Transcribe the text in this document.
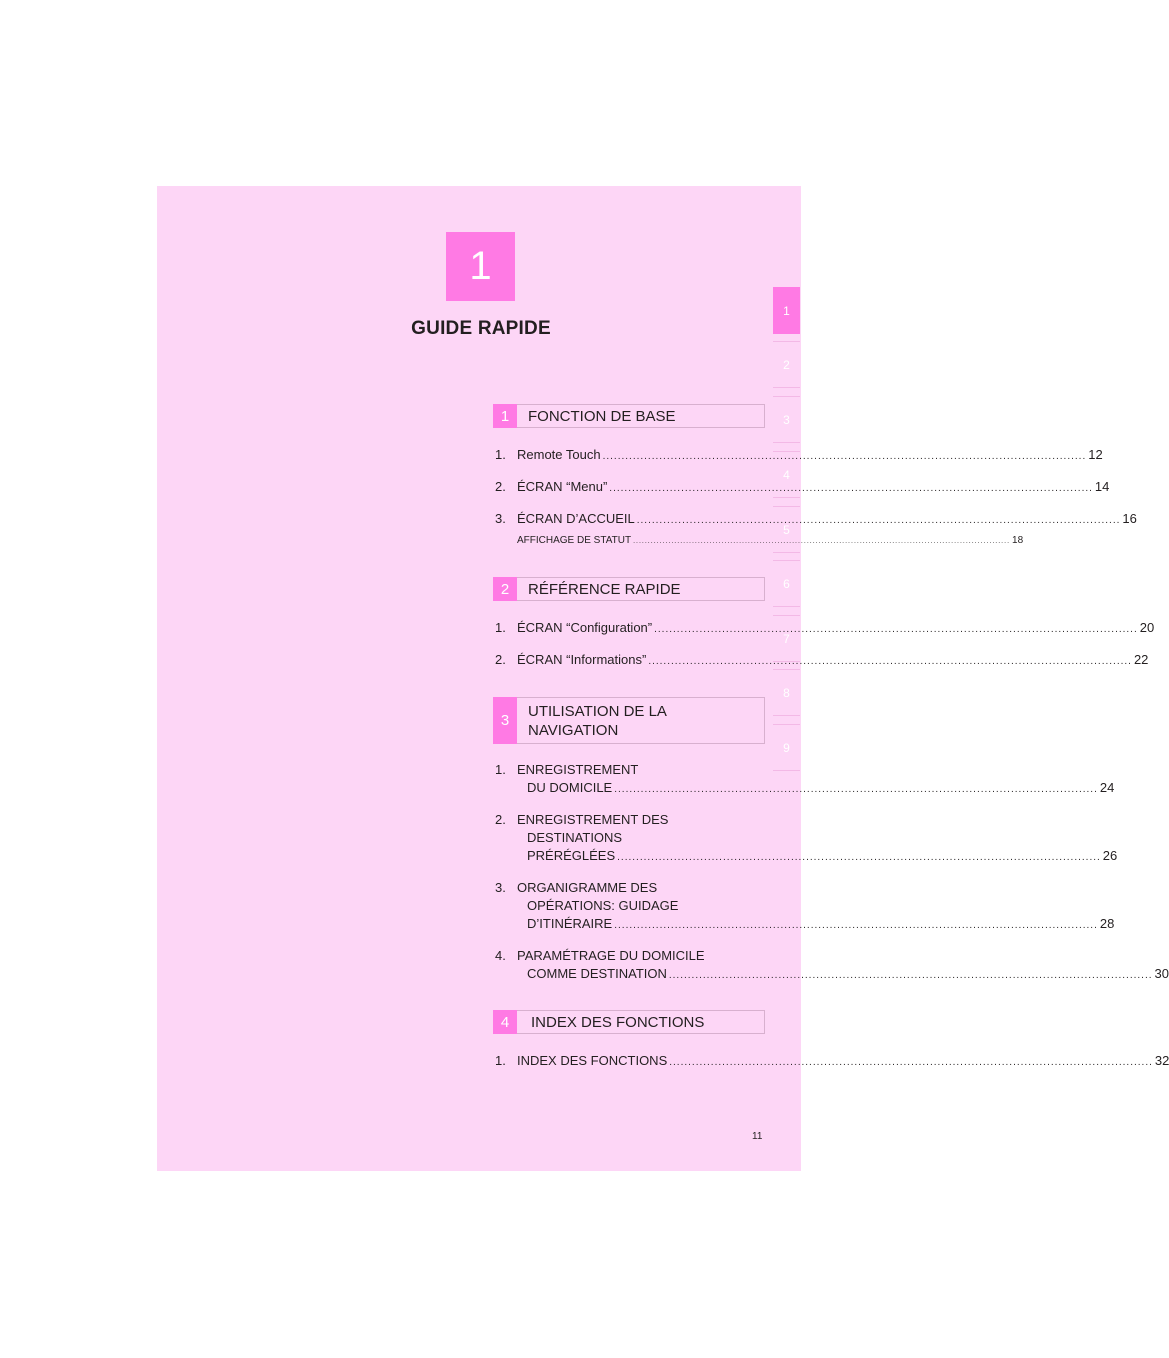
1
GUIDE RAPIDE
1
2
3
4
5
6
7
8
9
1	FONCTION DE BASE
1. Remote Touch .....	12
2. ÉCRAN “Menu” .....	14
3. ÉCRAN D’ACCUEIL .....	16
AFFICHAGE DE STATUT .....	18
2	RÉFÉRENCE RAPIDE
1. ÉCRAN “Configuration” .....	20
2. ÉCRAN “Informations” .....	22
3
UTILISATION DE LA
NAVIGATION
1. ENREGISTREMENT
DU DOMICILE .....	24
2. ENREGISTREMENT DES
DESTINATIONS
PRÉRÉGLÉES .....	26
3. ORGANIGRAMME DES
OPÉRATIONS: GUIDAGE
D’ITINÉRAIRE .....	28
4. PARAMÉTRAGE DU DOMICILE
COMME DESTINATION .....	30
4	INDEX DES FONCTIONS
1. INDEX DES FONCTIONS .....	32
11
